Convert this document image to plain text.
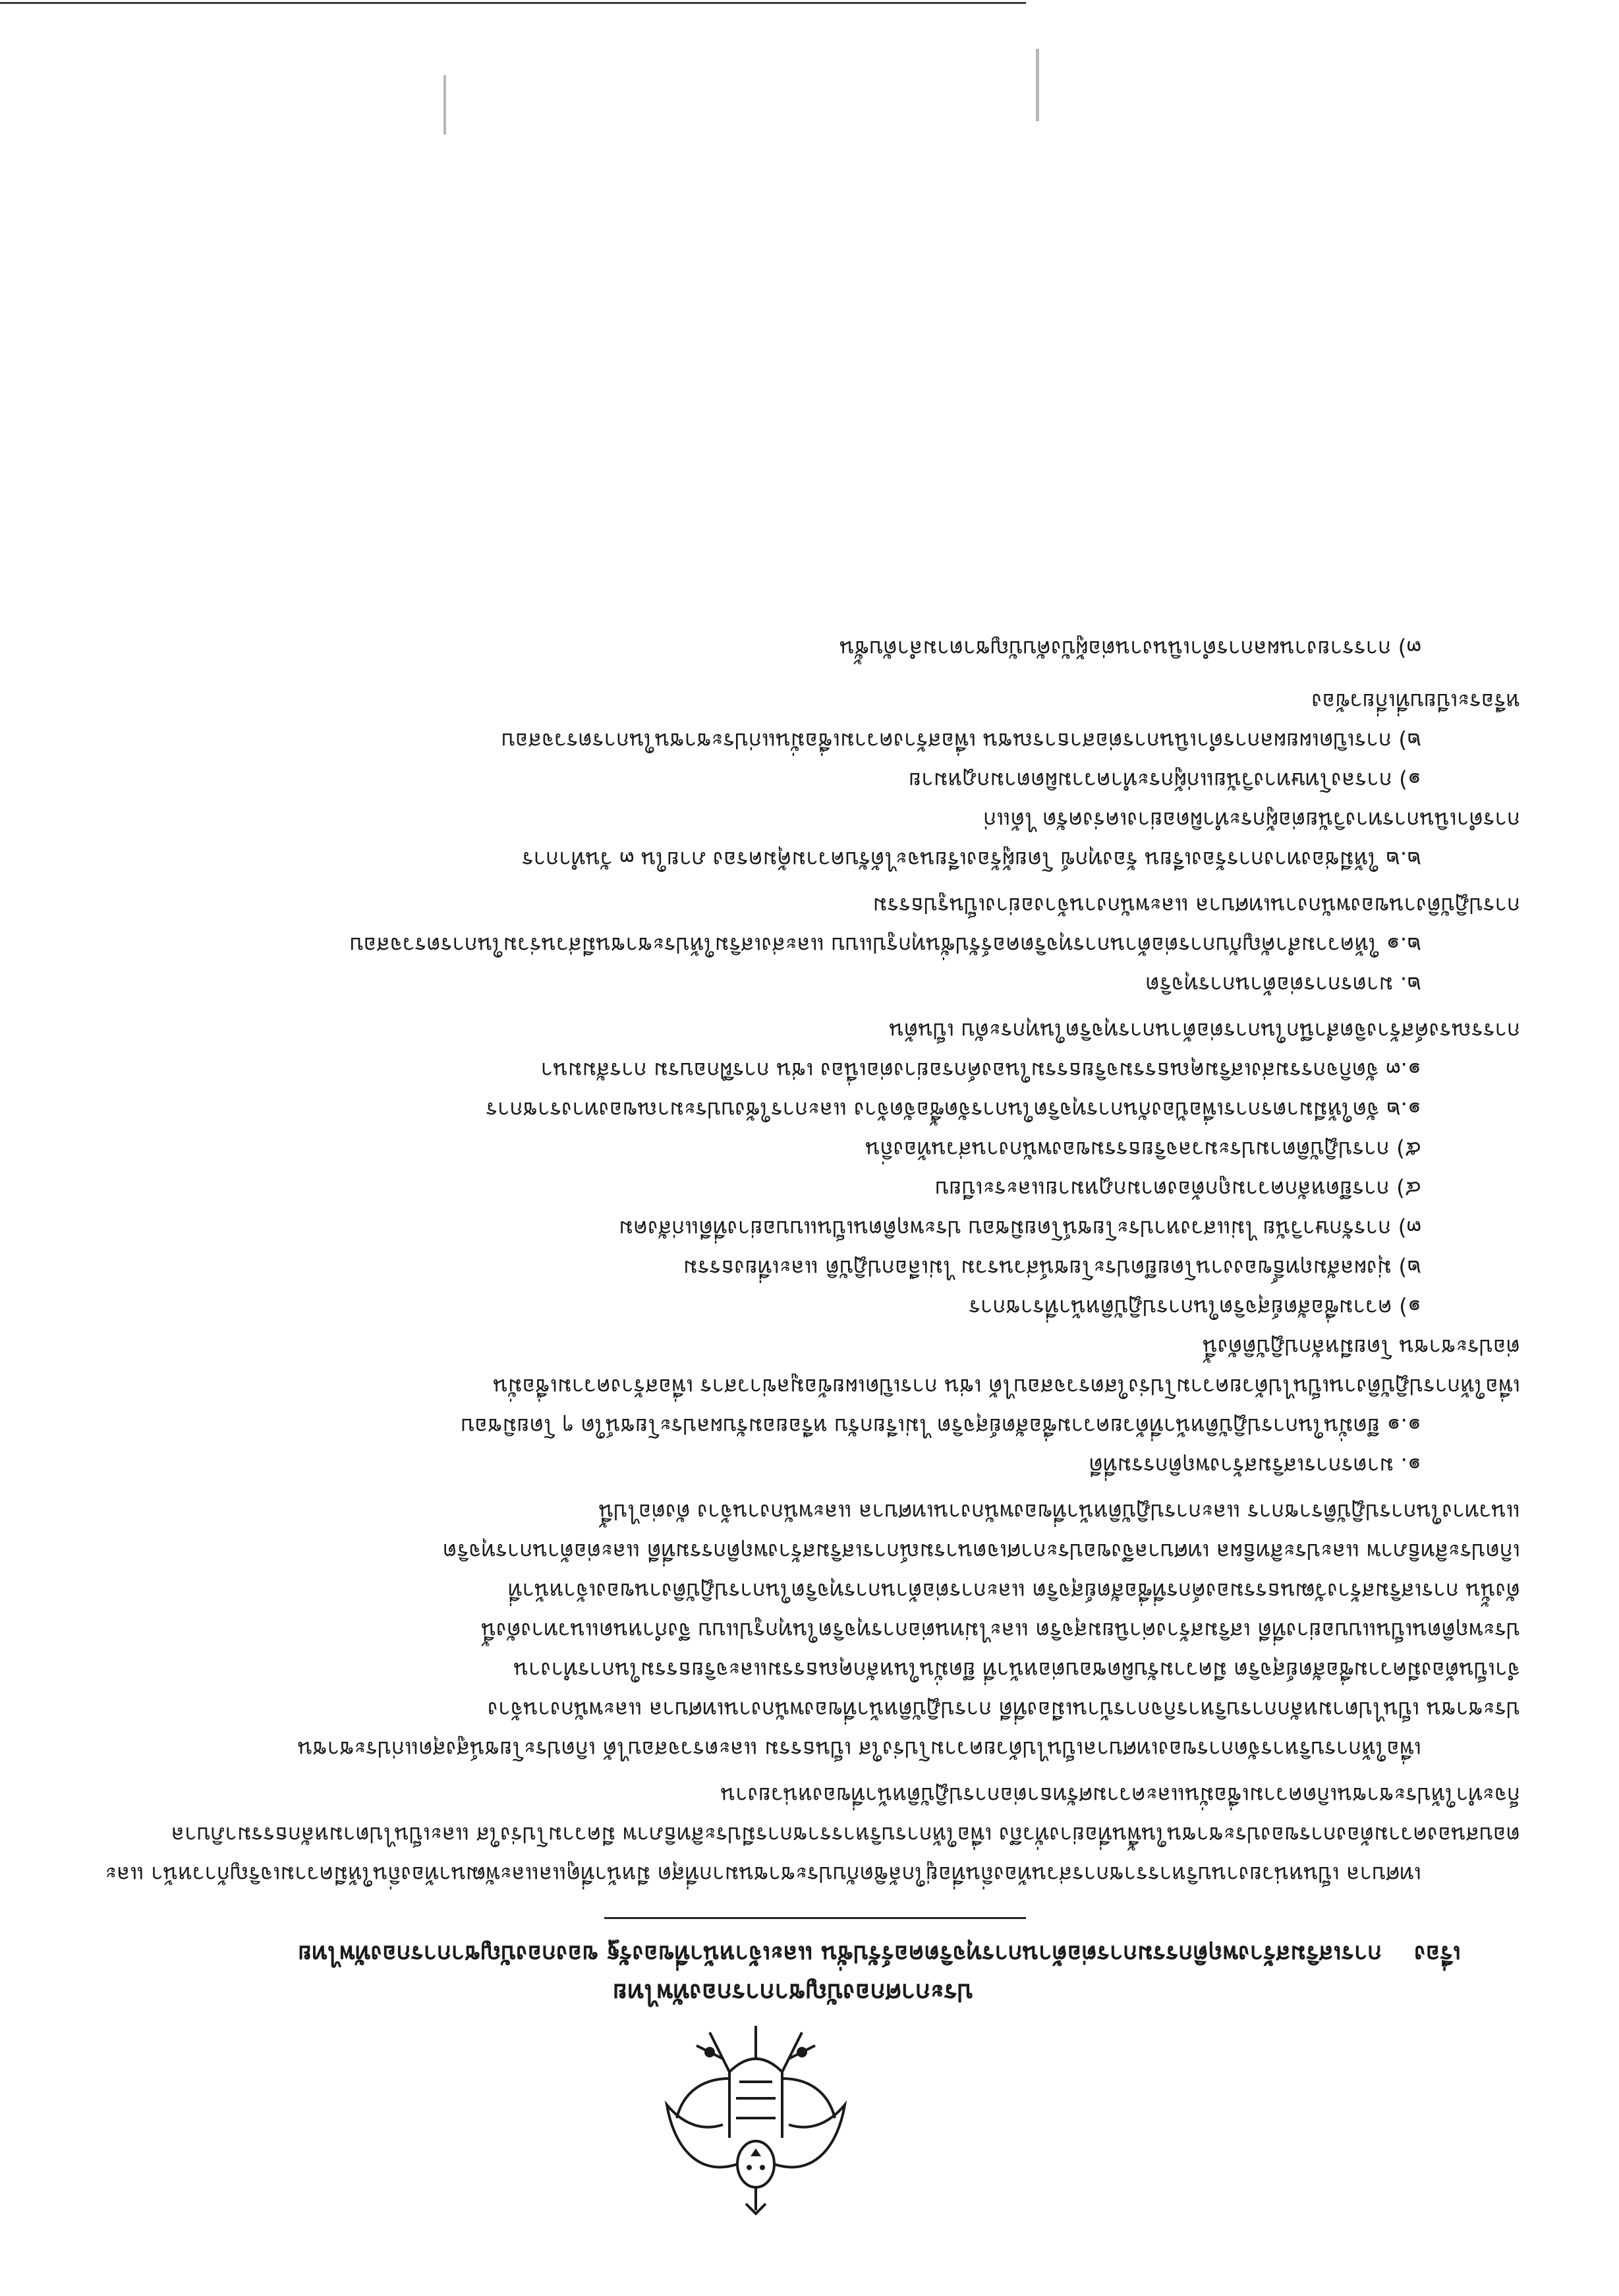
ประกาศกองบัญชาการกองทัพไทย
เรื่อง
การเสริมสร้างพฤติกรรมการต่อต้านการทุจริตคอร์รัปชั่น และเจ้าหน้าที่ของรัฐ ของกองบัญชาการกองทัพไทย
เทศบาล เป็นหน่วยงานบริหารราชการส่วนท้องถิ่นที่อยู่ใกล้ชิดกับประชาชนมากที่สุด มีหน้าที่ดูแลและพัฒนาท้องถิ่นให้มีความเจริญก้าวหน้า และ
ตอบสนองความต้องการของประชาชนในพื้นที่อย่างทั่วถึง เพื่อให้การบริหารราชการมีประสิทธิภาพ มีความโปร่งใส และเป็นไปตามหลักธรรมาภิบาล
ก็จะทำให้ประชาชนเกิดความเชื่อมั่นและความศรัทธาต่อการปฏิบัติหน้าที่ของหน่วยงาน
เพื่อให้การบริหารจัดการของเทศบาลเป็นไปด้วยความโปร่งใส เป็นธรรม และตรวจสอบได้ เกิดประโยชน์สูงสุดแก่ประชาชน
ประชาชน เป็นไปตามหลักการบริหารกิจการบ้านเมืองที่ดี การปฏิบัติหน้าที่ของพนักงานเทศบาล และพนักงานจ้าง
จำเป็นต้องมีความซื่อสัตย์สุจริต มีความรับผิดชอบต่อหน้าที่ ยึดมั่นในหลักคุณธรรมและจริยธรรมในการทำงาน
ประพฤติตนเป็นแบบอย่างที่ดี เสริมสร้างค่านิยมสุจริต และไม่ทนต่อการทุจริตในทุกรูปแบบ จึงกำหนดแนวทางดังนี้
ดังนั้น การเสริมสร้างวัฒนธรรมองค์กรที่ซื่อสัตย์สุจริต และการต่อต้านการทุจริตในการปฏิบัติงานของเจ้าหน้าที่
เกิดประสิทธิภาพ และประสิทธิผล เทศบาลจึงขอประกาศเจตนารมณ์การเสริมสร้างพฤติกรรมที่ดี และต่อต้านการทุจริต
แนวทางในการปฏิบัติราชการ และการปฏิบัติหน้าที่ของพนักงานเทศบาล และพนักงานจ้าง ดังต่อไปนี้
๑. มาตรการเสริมสร้างพฤติกรรมที่ดี
๑.๑ ยึดมั่นในการปฏิบัติหน้าที่ด้วยความซื่อสัตย์สุจริต ไม่เรียกรับ หรือยอมรับผลประโยชน์ใด ๆ โดยมิชอบ
เพื่อให้การปฏิบัติงานเป็นไปด้วยความโปร่งใสตรวจสอบได้ เช่น การเปิดเผยข้อมูลข่าวสาร เพื่อสร้างความเชื่อมั่น
ต่อประชาชน โดยมีหลักปฏิบัติดังนี้
๑) ความซื่อสัตย์สุจริตในการปฏิบัติหน้าที่ราชการ
๒) มุ่งผลสัมฤทธิ์ของงานโดยยึดประโยชน์ส่วนรวม ไม่เลือกปฏิบัติ และเที่ยงธรรม
๓) การรักษาวินัย ไม่แสวงหาประโยชน์โดยมิชอบ ประพฤติตนเป็นแบบอย่างที่ดีแก่สังคม
๔) การยึดหลักความถูกต้องตามกฎหมายและระเบียบ
๕) การปฏิบัติตามประมวลจริยธรรมของพนักงานส่วนท้องถิ่น
๑.๒ จัดให้มีมาตรการเพื่อป้องกันการทุจริตในการจัดซื้อจัดจ้าง และการใช้งบประมาณของทางราชการ
๑.๓ จัดกิจกรรมส่งเสริมคุณธรรมจริยธรรมในองค์กรอย่างต่อเนื่อง เช่น การฝึกอบรม การสัมมนา
การรณรงค์สร้างจิตสำนึกในการต่อต้านการทุจริตในทุกระดับ เป็นต้น
๒. มาตรการต่อต้านการทุจริต
๒.๑ ให้ความสำคัญกับการต่อต้านการทุจริตคอร์รัปชั่นทุกรูปแบบ และส่งเสริมให้ประชาชนมีส่วนร่วมในการตรวจสอบ
การปฏิบัติงานของพนักงานเทศบาล และพนักงานจ้างอย่างเป็นรูปธรรม
๒.๒ ให้มีช่องทางการร้องเรียน ร้องทุกข์ โดยผู้ร้องเรียนจะได้รับความคุ้มครอง ภายใน ๓ วันทำการ
การดำเนินการทางวินัยต่อผู้กระทำผิดอย่างเคร่งครัด ได้แก่
๑) การลงโทษทางวินัยแก่ผู้กระทำความผิดตามกฎหมาย
๒) การเปิดเผยผลการดำเนินการต่อสาธารณชน เพื่อสร้างความเชื่อมั่นแก่ประชาชนในการตรวจสอบ
หรือระเบียบที่เกี่ยวข้อง
๓) การรายงานผลการดำเนินงานต่อผู้บังคับบัญชาตามลำดับชั้น
